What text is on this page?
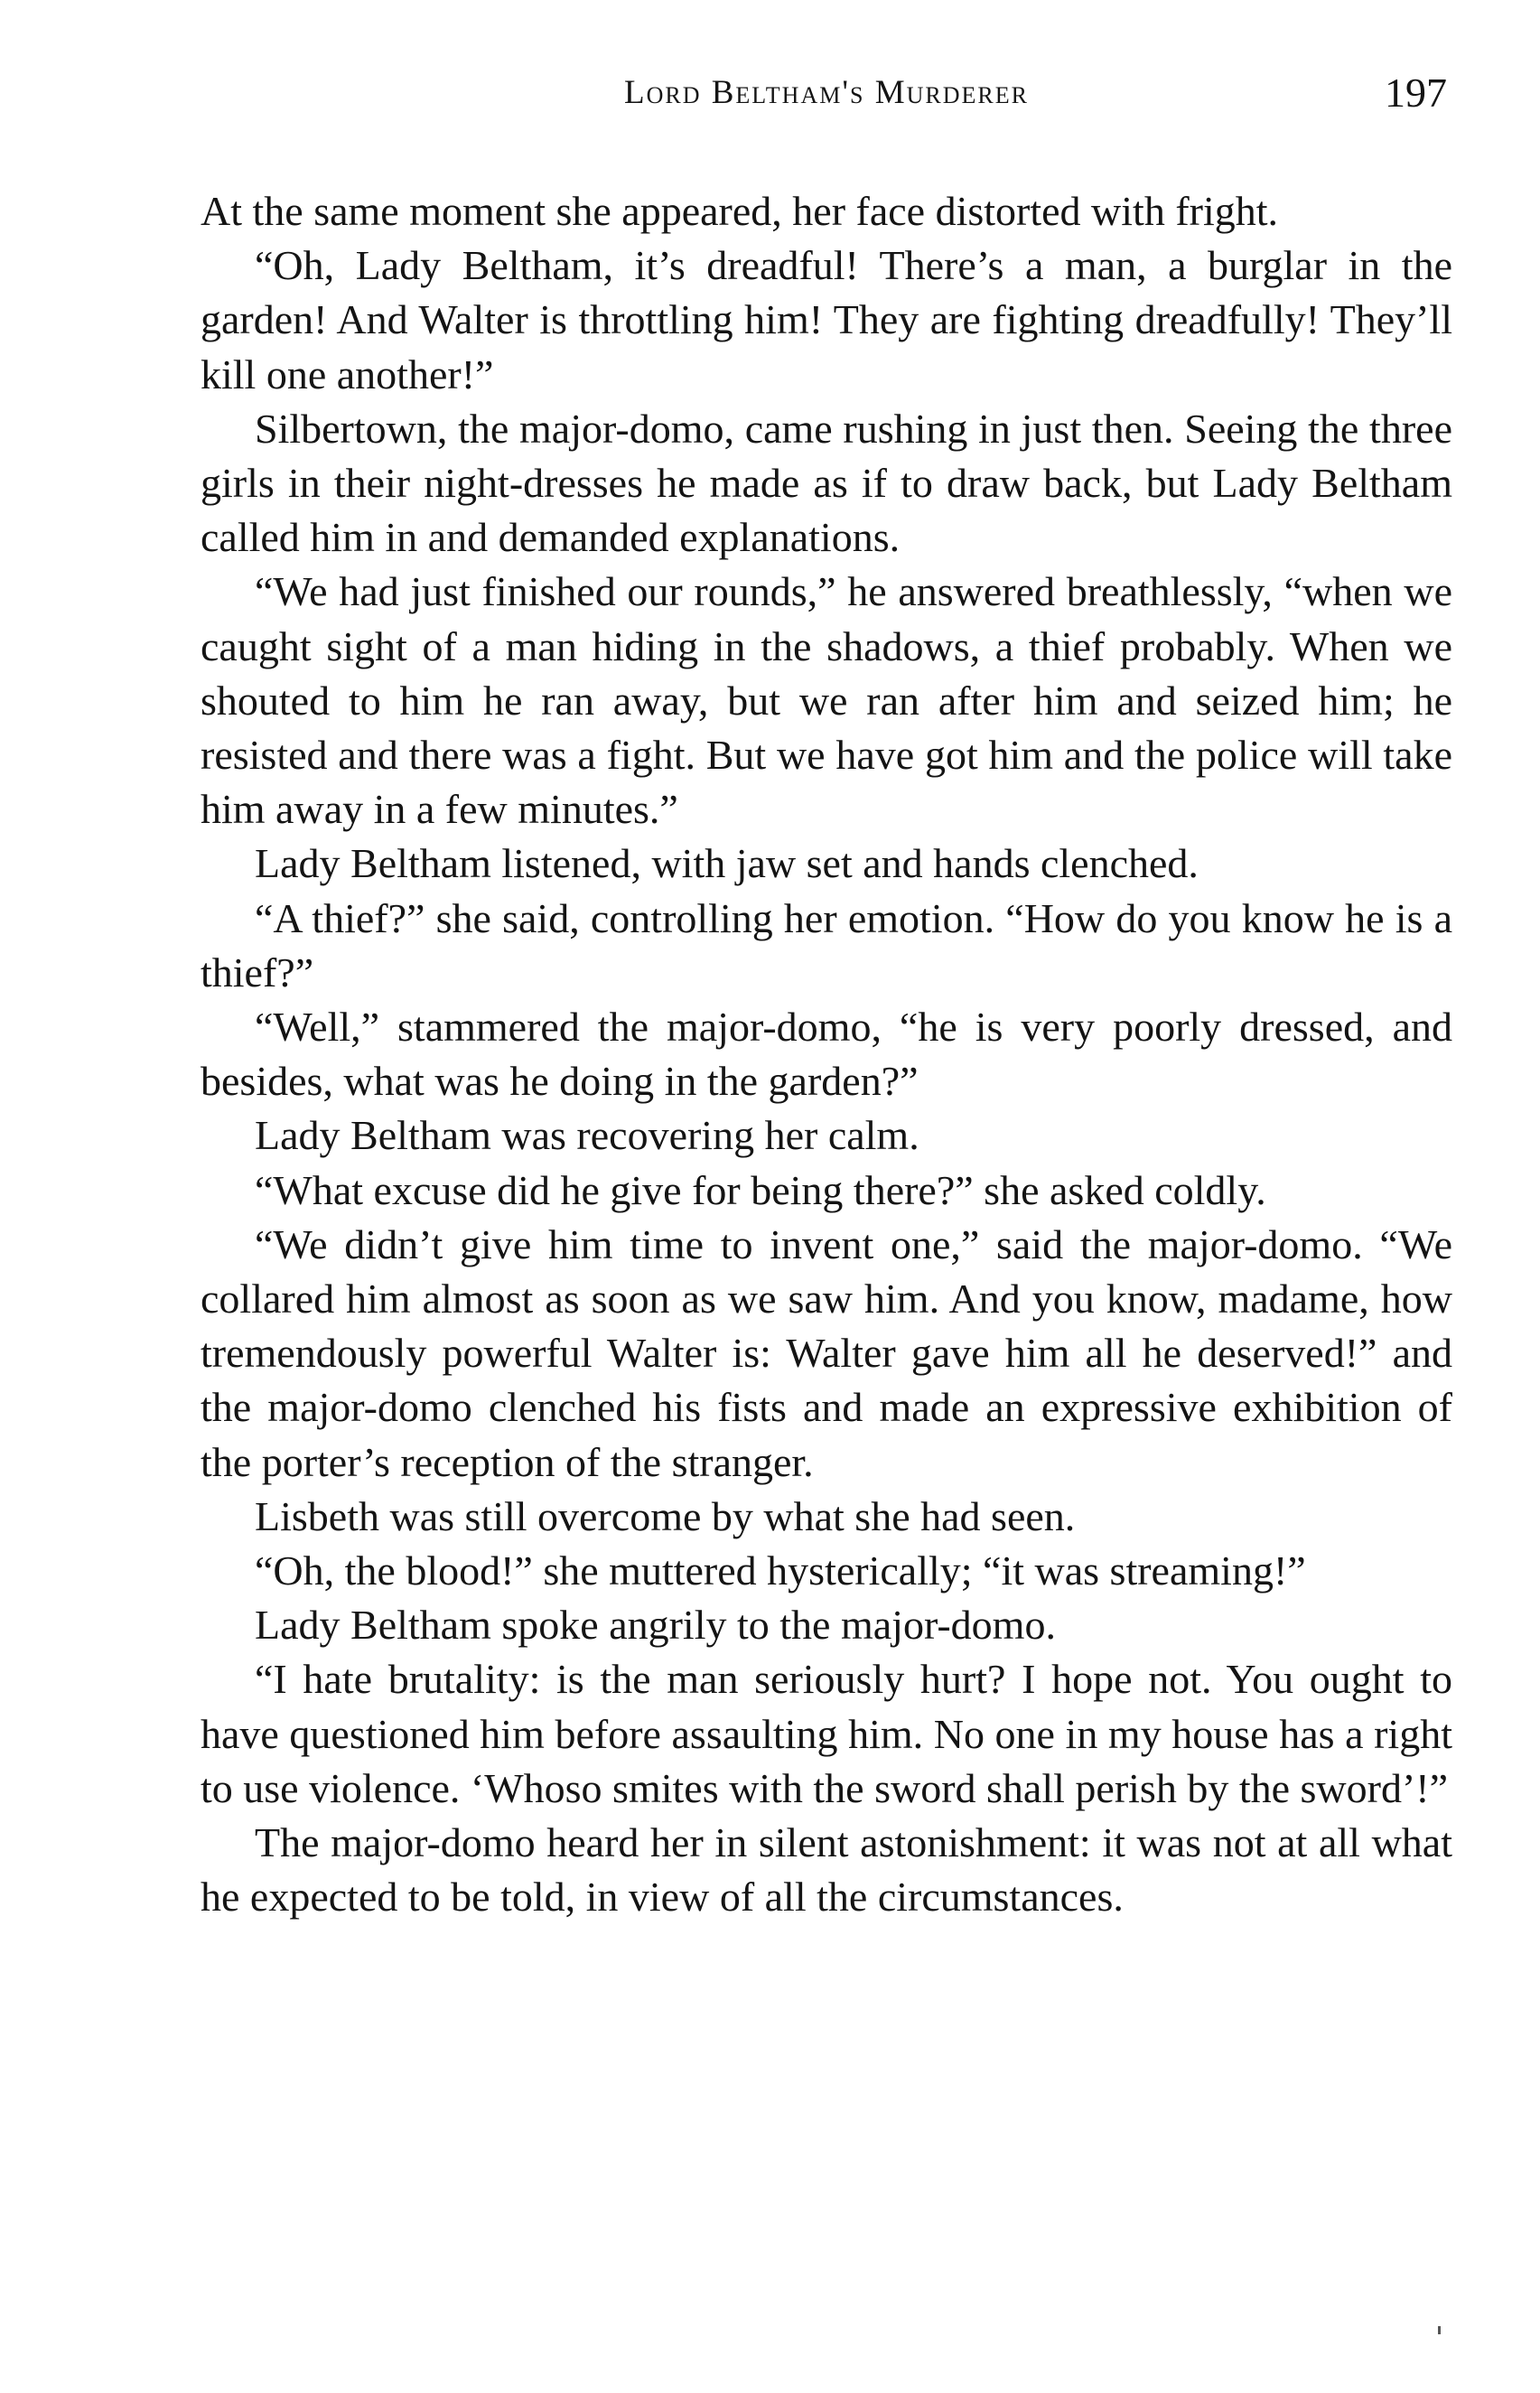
Lord Beltham's Murderer	197

At the same moment she appeared, her face distorted with fright.

“Oh, Lady Beltham, it’s dreadful! There’s a man, a burglar in the garden! And Walter is throttling him! They are fighting dreadfully! They’ll kill one another!”

Silbertown, the major-domo, came rushing in just then. Seeing the three girls in their night-dresses he made as if to draw back, but Lady Beltham called him in and demanded explanations.

“We had just finished our rounds,” he answered breathlessly, “when we caught sight of a man hiding in the shadows, a thief probably. When we shouted to him he ran away, but we ran after him and seized him; he resisted and there was a fight. But we have got him and the police will take him away in a few minutes.”

Lady Beltham listened, with jaw set and hands clenched.

“A thief?” she said, controlling her emotion. “How do you know he is a thief?”

“Well,” stammered the major-domo, “he is very poorly dressed, and besides, what was he doing in the garden?”

Lady Beltham was recovering her calm.

“What excuse did he give for being there?” she asked coldly.

“We didn’t give him time to invent one,” said the major-domo. “We collared him almost as soon as we saw him. And you know, madame, how tremendously powerful Walter is: Walter gave him all he deserved!” and the major-domo clenched his fists and made an expressive exhibition of the porter’s reception of the stranger.

Lisbeth was still overcome by what she had seen.

“Oh, the blood!” she muttered hysterically; “it was streaming!”

Lady Beltham spoke angrily to the major-domo.

“I hate brutality: is the man seriously hurt? I hope not. You ought to have questioned him before assaulting him. No one in my house has a right to use violence. ‘Whoso smites with the sword shall perish by the sword’!”

The major-domo heard her in silent astonishment: it was not at all what he expected to be told, in view of all the circumstances.
